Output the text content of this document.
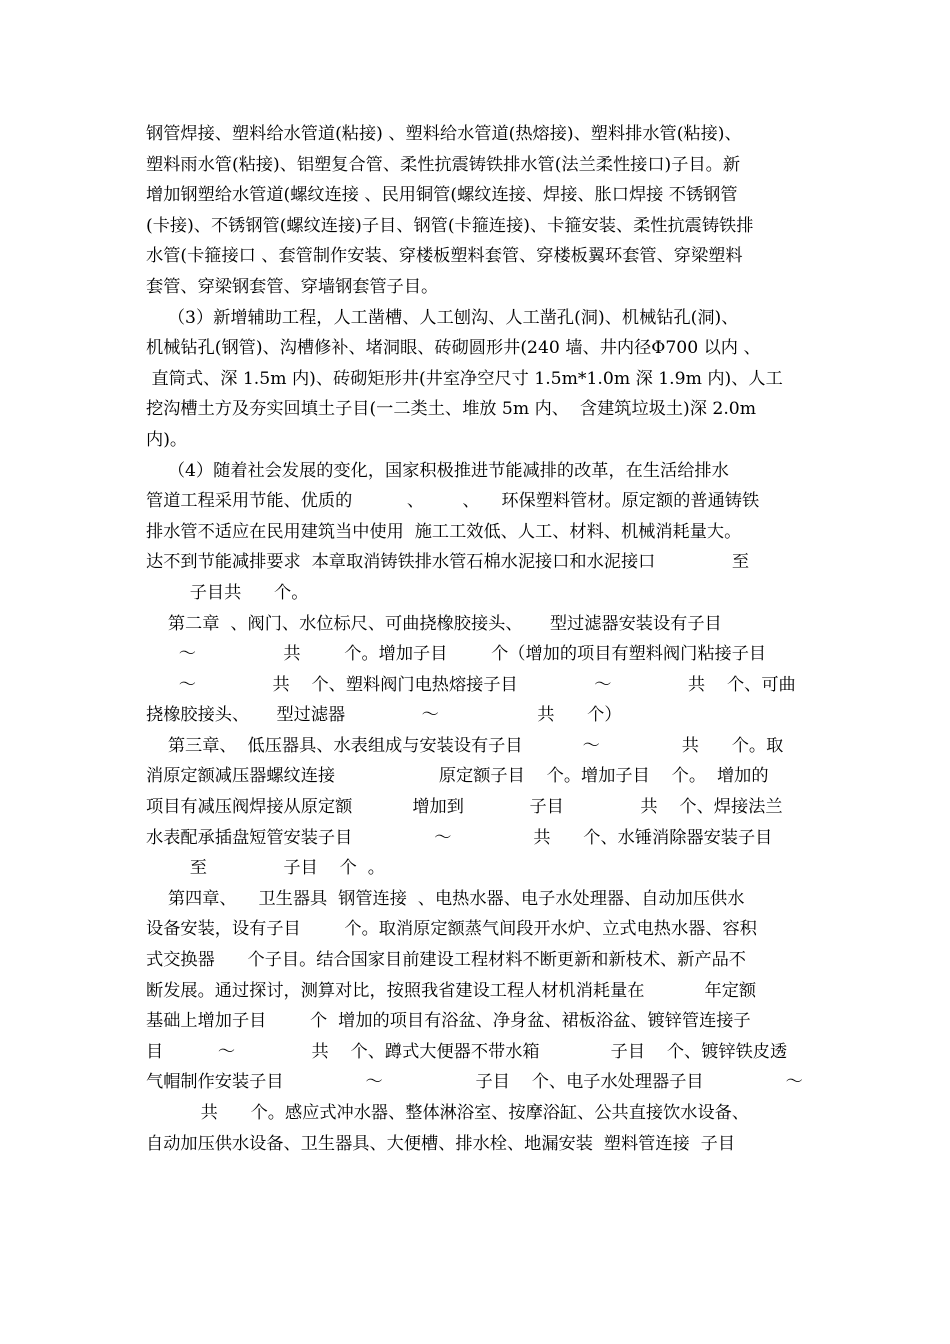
钢管焊接、塑料给水管道(粘接) 、塑料给水管道(热熔接)、塑料排水管(粘接)、
塑料雨水管(粘接)、铝塑复合管、柔性抗震铸铁排水管(法兰柔性接口)子目。新
增加钢塑给水管道(螺纹连接 、民用铜管(螺纹连接、焊接、胀口焊接 不锈钢管
(卡接)、不锈钢管(螺纹连接)子目、钢管(卡箍连接)、卡箍安装、柔性抗震铸铁排
水管(卡箍接口 、套管制作安装、穿楼板塑料套管、穿楼板翼环套管、穿梁塑料
套管、穿梁钢套管、穿墙钢套管子目。
（3）新增辅助工程，人工凿槽、人工刨沟、人工凿孔(洞)、机械钻孔(洞)、
机械钻孔(钢管)、沟槽修补、堵洞眼、砖砌圆形井(240 墙、井内径Φ700 以内 、
直筒式、深 1.5m 内)、砖砌矩形井(井室净空尺寸 1.5m*1.0m 深 1.9m 内)、人工
挖沟槽土方及夯实回填土子目(一二类土、堆放 5m 内、  含建筑垃圾土)深 2.0m
内)。
（4）随着社会发展的变化，国家积极推进节能减排的改革，在生活给排水
管道工程采用节能、优质的          、       、    环保塑料管材。原定额的普通铸铁
排水管不适应在民用建筑当中使用  施工工效低、人工、材料、机械消耗量大。
达不到节能减排要求  本章取消铸铁排水管石棉水泥接口和水泥接口              至
子目共      个。
第二章  、阀门、水位标尺、可曲挠橡胶接头、     型过滤器安装设有子目
～                共        个。增加子目        个（增加的项目有塑料阀门粘接子目
～              共    个、塑料阀门电热熔接子目              ～              共    个、可曲
挠橡胶接头、     型过滤器              ～                  共      个）
第三章、  低压器具、水表组成与安装设有子目           ～               共      个。取
消原定额减压器螺纹连接                   原定额子目    个。增加子目    个。  增加的
项目有减压阀焊接从原定额           增加到            子目              共    个、焊接法兰
水表配承插盘短管安装子目               ～               共      个、水锤消除器安装子目
至              子目    个  。
第四章、    卫生器具  钢管连接  、电热水器、电子水处理器、自动加压供水
设备安装，设有子目        个。取消原定额蒸气间段开水炉、立式电热水器、容积
式交换器      个子目。结合国家目前建设工程材料不断更新和新枝术、新产品不
断发展。通过探讨，测算对比，按照我省建设工程人材机消耗量在           年定额
基础上增加子目        个  增加的项目有浴盆、净身盆、裙板浴盆、镀锌管连接子
目          ～              共    个、蹲式大便器不带水箱             子目    个、镀锌铁皮透
气帽制作安装子目               ～                 子目    个、电子水处理器子目               ～
共      个。感应式冲水器、整体淋浴室、按摩浴缸、公共直接饮水设备、
自动加压供水设备、卫生器具、大便槽、排水栓、地漏安装  塑料管连接  子目
